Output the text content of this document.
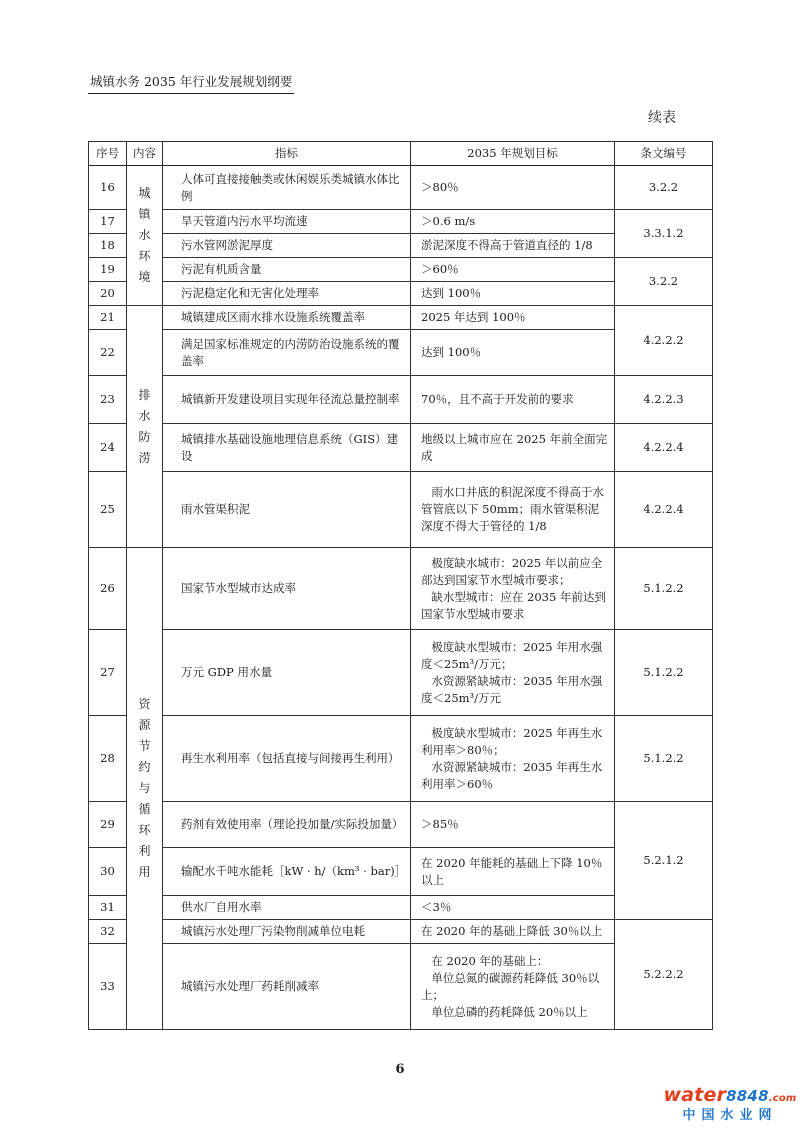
城镇水务 2035 年行业发展规划纲要
续表
序号	内容	指标	2035 年规划目标	条文编号
16	城镇水环境	人体可直接接触类或休闲娱乐类城镇水体比例	＞80％	3.2.2
17		旱天管道内污水平均流速	＞0.6 m/s	3.3.1.2
18		污水管网淤泥厚度	淤泥深度不得高于管道直径的 1/8	
19		污泥有机质含量	＞60％	3.2.2
20		污泥稳定化和无害化处理率	达到 100％	
21	排水防涝	城镇建成区雨水排水设施系统覆盖率	2025 年达到 100％	4.2.2.2
22		满足国家标准规定的内涝防治设施系统的覆盖率	达到 100％	
23		城镇新开发建设项目实现年径流总量控制率	70％，且不高于开发前的要求	4.2.2.3
24		城镇排水基础设施地理信息系统（GIS）建设	地级以上城市应在 2025 年前全面完成	4.2.2.4
25		雨水管渠积泥	雨水口井底的积泥深度不得高于水管管底以下 50mm；雨水管渠积泥深度不得大于管径的 1/8	4.2.2.4
26	资源节约与循环利用	国家节水型城市达成率	极度缺水城市：2025 年以前应全部达到国家节水型城市要求；
缺水型城市：应在 2035 年前达到国家节水型城市要求	5.1.2.2
27		万元 GDP 用水量	极度缺水型城市：2025 年用水强度＜25m³/万元；
水资源紧缺城市：2035 年用水强度＜25m³/万元	5.1.2.2
28		再生水利用率（包括直接与间接再生利用）	极度缺水型城市：2025 年再生水利用率＞80％；
水资源紧缺城市：2035 年再生水利用率＞60％	5.1.2.2
29		药剂有效使用率（理论投加量/实际投加量）	＞85％	5.2.1.2
30		输配水千吨水能耗［kW · h/（km³ · bar)］	在 2020 年能耗的基础上下降 10％以上	
31		供水厂自用水率	＜3％	
32		城镇污水处理厂污染物削减单位电耗	在 2020 年的基础上降低 30％以上	5.2.2.2
33		城镇污水处理厂药耗削减率	在 2020 年的基础上：
单位总氮的碳源药耗降低 30％以上；
单位总磷的药耗降低 20％以上	
6
water8848.com
中国水业网
